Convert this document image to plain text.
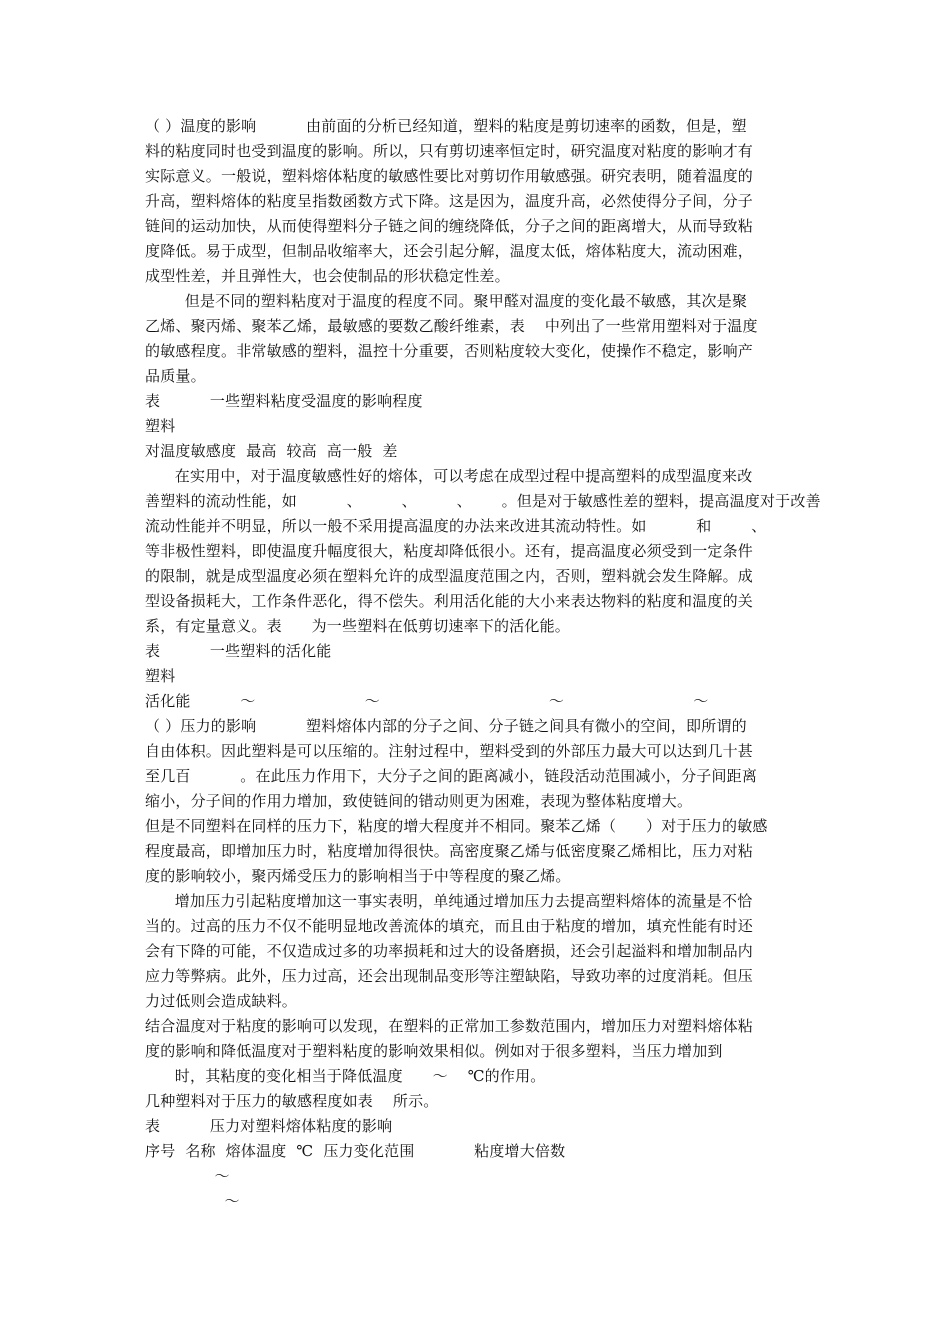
（ ）温度的影响          由前面的分析已经知道，塑料的粘度是剪切速率的函数，但是，塑
料的粘度同时也受到温度的影响。所以，只有剪切速率恒定时，研究温度对粘度的影响才有
实际意义。一般说，塑料熔体粘度的敏感性要比对剪切作用敏感强。研究表明，随着温度的
升高，塑料熔体的粘度呈指数函数方式下降。这是因为，温度升高，必然使得分子间，分子
链间的运动加快，从而使得塑料分子链之间的缠绕降低，分子之间的距离增大，从而导致粘
度降低。易于成型，但制品收缩率大，还会引起分解，温度太低，熔体粘度大，流动困难，
成型性差，并且弹性大，也会使制品的形状稳定性差。
但是不同的塑料粘度对于温度的程度不同。聚甲醛对温度的变化最不敏感，其次是聚
乙烯、聚丙烯、聚苯乙烯，最敏感的要数乙酸纤维素，表    中列出了一些常用塑料对于温度
的敏感程度。非常敏感的塑料，温控十分重要，否则粘度较大变化，使操作不稳定，影响产
品质量。
表          一些塑料粘度受温度的影响程度
塑料
对温度敏感度  最高  较高  高一般  差
在实用中，对于温度敏感性好的熔体，可以考虑在成型过程中提高塑料的成型温度来改
善塑料的流动性能，如          、        、        、      。但是对于敏感性差的塑料，提高温度对于改善
流动性能并不明显，所以一般不采用提高温度的办法来改进其流动特性。如          和        、
等非极性塑料，即使温度升幅度很大，粘度却降低很小。还有，提高温度必须受到一定条件
的限制，就是成型温度必须在塑料允许的成型温度范围之内，否则，塑料就会发生降解。成
型设备损耗大，工作条件恶化，得不偿失。利用活化能的大小来表达物料的粘度和温度的关
系，有定量意义。表      为一些塑料在低剪切速率下的活化能。
表          一些塑料的活化能
塑料
活化能          ～                      ～                                  ～                          ～
（ ）压力的影响          塑料熔体内部的分子之间、分子链之间具有微小的空间，即所谓的
自由体积。因此塑料是可以压缩的。注射过程中，塑料受到的外部压力最大可以达到几十甚
至几百          。在此压力作用下，大分子之间的距离减小，链段活动范围减小，分子间距离
缩小，分子间的作用力增加，致使链间的错动则更为困难，表现为整体粘度增大。
但是不同塑料在同样的压力下，粘度的增大程度并不相同。聚苯乙烯（      ）对于压力的敏感
程度最高，即增加压力时，粘度增加得很快。高密度聚乙烯与低密度聚乙烯相比，压力对粘
度的影响较小，聚丙烯受压力的影响相当于中等程度的聚乙烯。
增加压力引起粘度增加这一事实表明，单纯通过增加压力去提高塑料熔体的流量是不恰
当的。过高的压力不仅不能明显地改善流体的填充，而且由于粘度的增加，填充性能有时还
会有下降的可能，不仅造成过多的功率损耗和过大的设备磨损，还会引起溢料和增加制品内
应力等弊病。此外，压力过高，还会出现制品变形等注塑缺陷，导致功率的过度消耗。但压
力过低则会造成缺料。
结合温度对于粘度的影响可以发现，在塑料的正常加工参数范围内，增加压力对塑料熔体粘
度的影响和降低温度对于塑料粘度的影响效果相似。例如对于很多塑料，当压力增加到
时，其粘度的变化相当于降低温度      ～    ℃的作用。
几种塑料对于压力的敏感程度如表    所示。
表          压力对塑料熔体粘度的影响
序号  名称  熔体温度  ℃  压力变化范围            粘度增大倍数
～
～
